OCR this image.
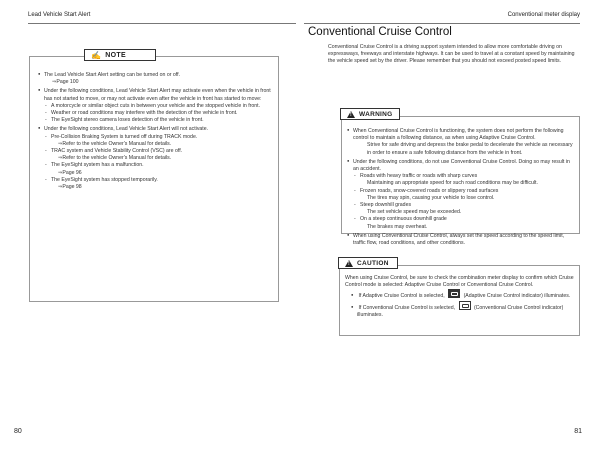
Lead Vehicle Start Alert
✍ NOTE
● The Lead Vehicle Start Alert setting can be turned on or off.
⇒ Page 100
● Under the following conditions, Lead Vehicle Start Alert may activate even when the vehicle in front has not started to move, or may not activate even after the vehicle in front has started to move:
- A motorcycle or similar object cuts in between your vehicle and the stopped vehicle in front.
- Weather or road conditions may interfere with the detection of the vehicle in front.
- The EyeSight stereo camera loses detection of the vehicle in front.
● Under the following conditions, Lead Vehicle Start Alert will not activate.
- Pre-Collision Braking System is turned off during TRACK mode.
⇒ Refer to the vehicle Owner's Manual for details.
- TRAC system and Vehicle Stability Control (VSC) are off.
⇒ Refer to the vehicle Owner's Manual for details.
- The EyeSight system has a malfunction.
⇒ Page 96
- The EyeSight system has stopped temporarily.
⇒ Page 98
80
Conventional meter display
Conventional Cruise Control
Conventional Cruise Control is a driving support system intended to allow more comfortable driving on expressways, freeways and interstate highways. It can be used to travel at a constant speed by maintaining the vehicle speed set by the driver. Please remember that you should not exceed posted speed limits.
!
WARNING
● When Conventional Cruise Control is functioning, the system does not perform the following control to maintain a following distance, as when using Adaptive Cruise Control.
Strive for safe driving and depress the brake pedal to decelerate the vehicle as necessary in order to ensure a safe following distance from the vehicle in front.
● Under the following conditions, do not use Conventional Cruise Control. Doing so may result in an accident.
- Roads with heavy traffic or roads with sharp curves
Maintaining an appropriate speed for such road conditions may be difficult.
- Frozen roads, snow-covered roads or slippery road surfaces
The tires may spin, causing your vehicle to lose control.
- Steep downhill grades
The set vehicle speed may be exceeded.
- On a steep continuous downhill grade
The brakes may overheat.
● When using Conventional Cruise Control, always set the speed according to the speed limit, traffic flow, road conditions, and other conditions.
!
CAUTION
When using Cruise Control, be sure to check the combination meter display to confirm which Cruise Control mode is selected: Adaptive Cruise Control or Conventional Cruise Control.
● If Adaptive Cruise Control is selected,	(Adaptive Cruise Control indicator) illuminates.
● If Conventional Cruise Control is selected,	(Conventional Cruise Control indicator) illuminates.
81
